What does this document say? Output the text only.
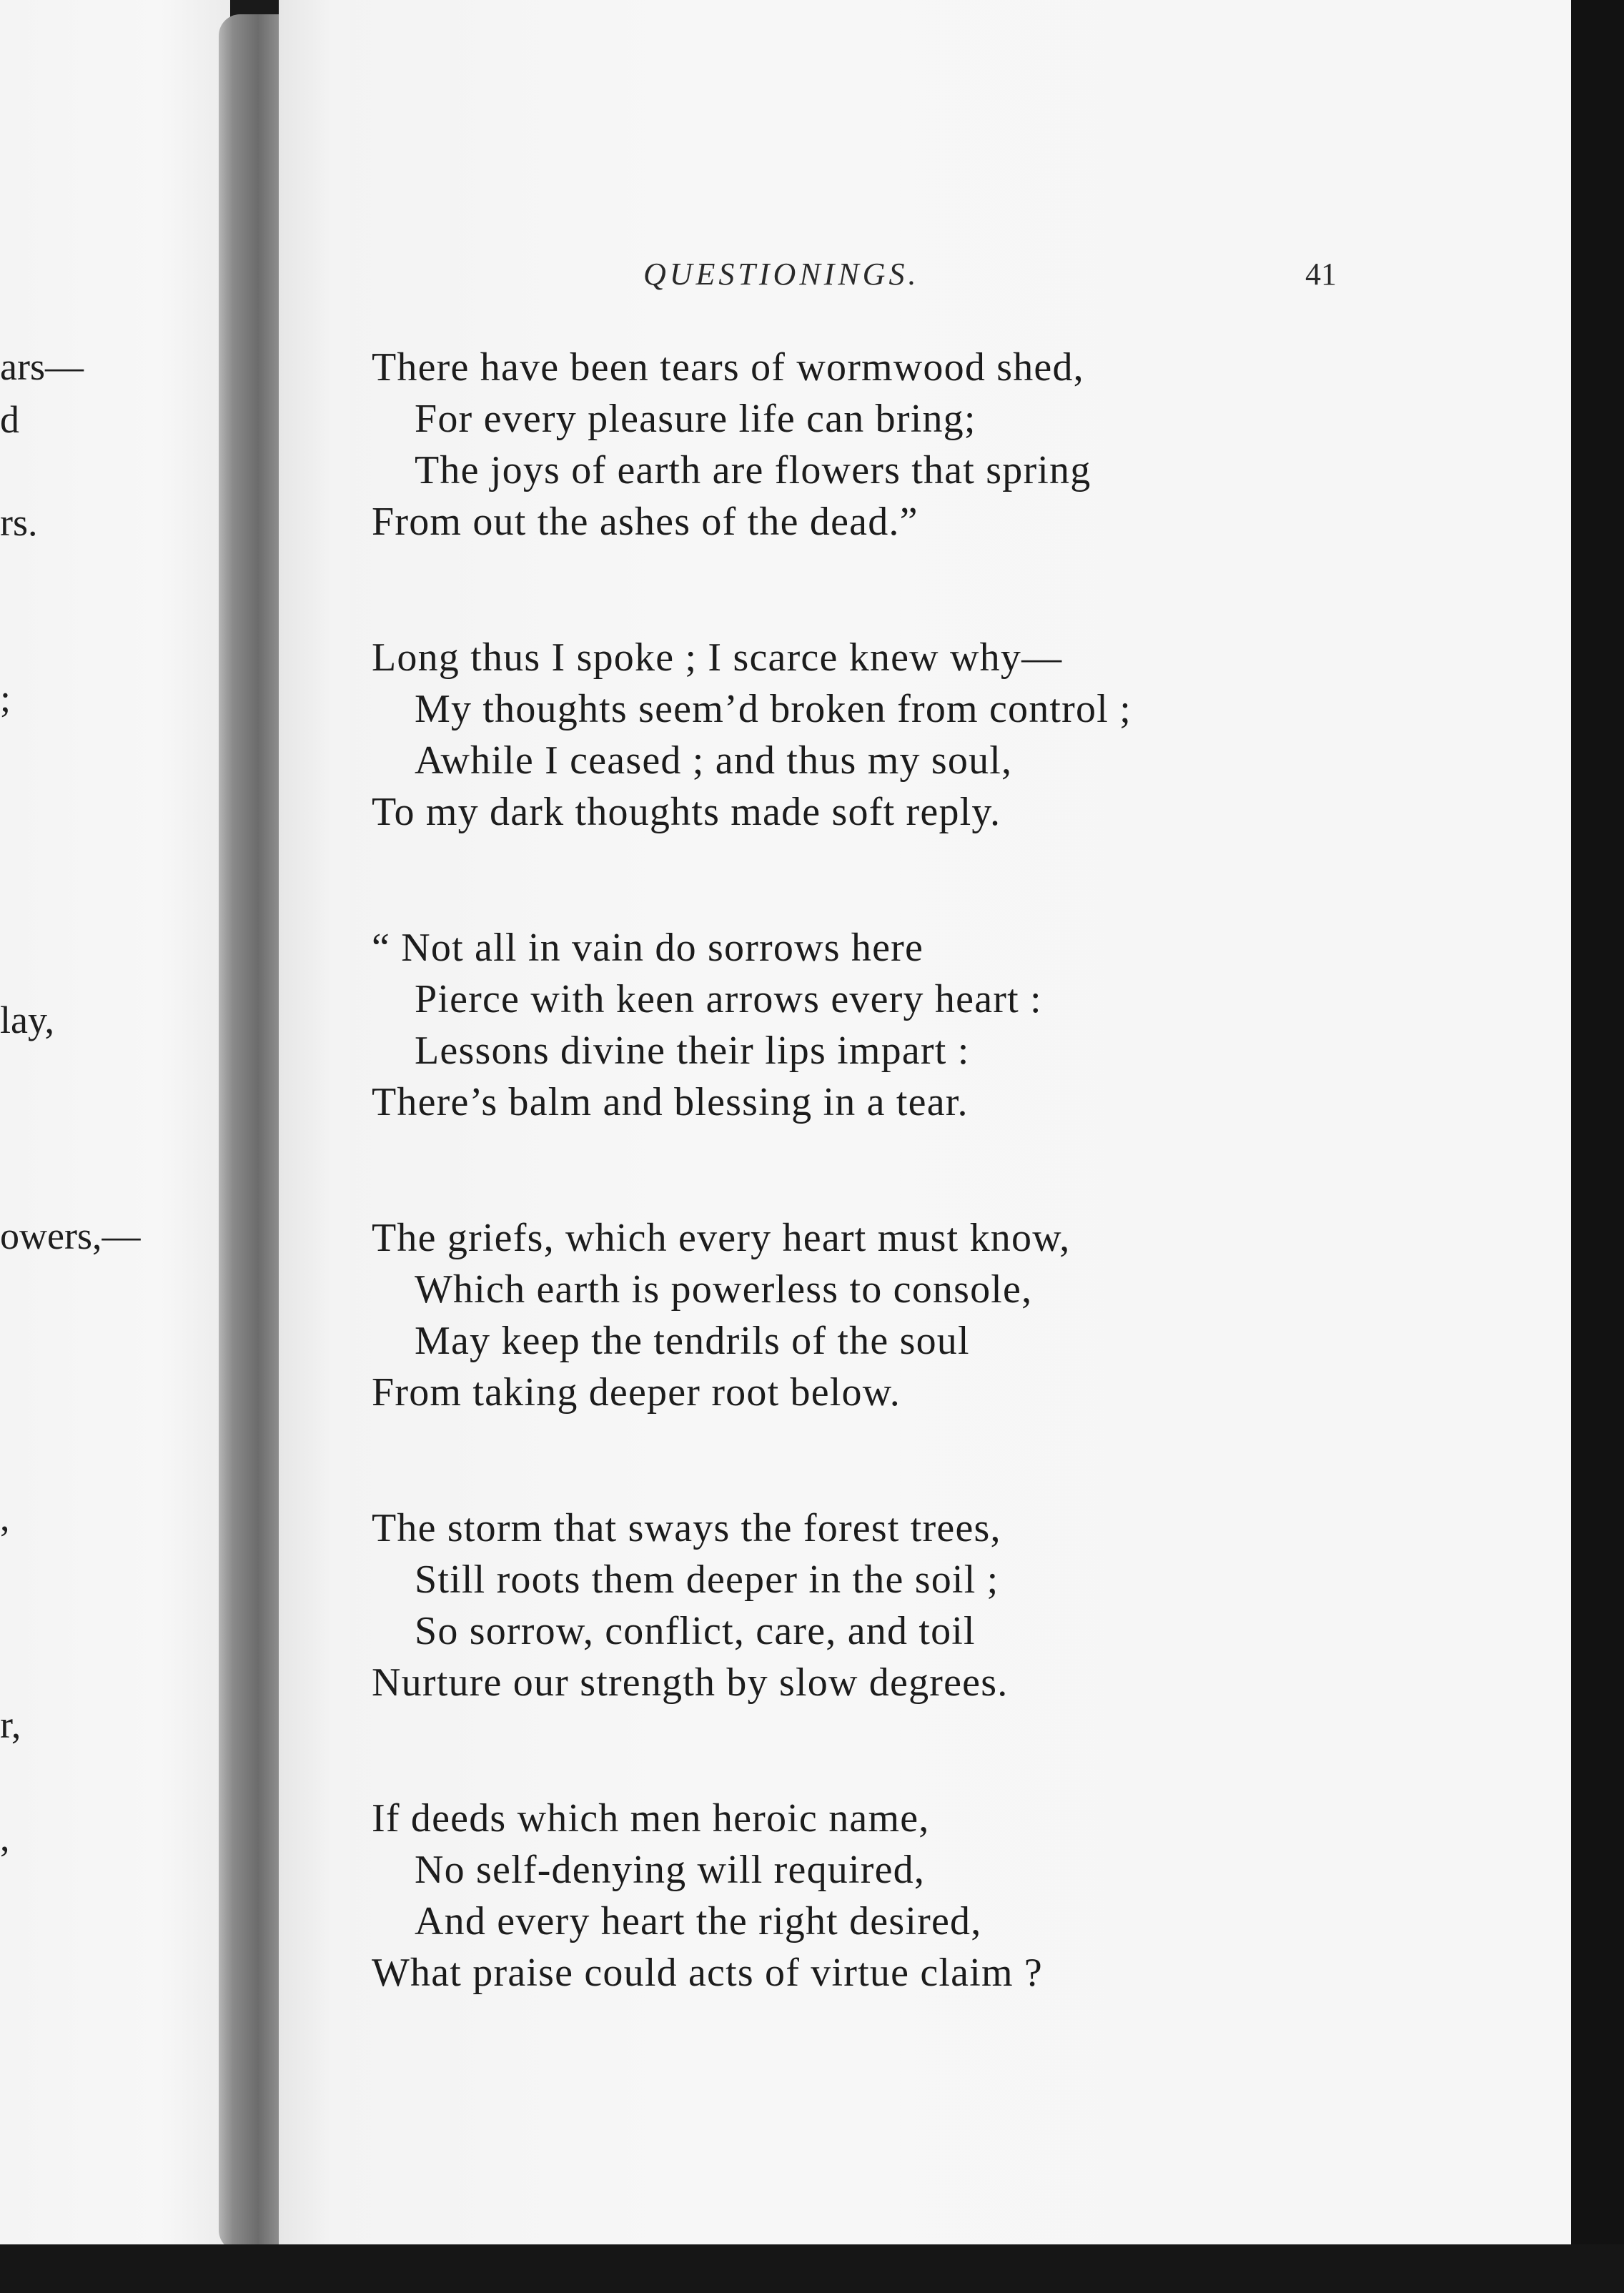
ars—
d
rs.
;
lay,
owers,—
,
r,
,
QUESTIONINGS.	41
There have been tears of wormwood shed,
For every pleasure life can bring;
The joys of earth are flowers that spring
From out the ashes of the dead.”
Long thus I spoke ; I scarce knew why—
My thoughts seem’d broken from control ;
Awhile I ceased ; and thus my soul,
To my dark thoughts made soft reply.
“ Not all in vain do sorrows here
Pierce with keen arrows every heart :
Lessons divine their lips impart :
There’s balm and blessing in a tear.
The griefs, which every heart must know,
Which earth is powerless to console,
May keep the tendrils of the soul
From taking deeper root below.
The storm that sways the forest trees,
Still roots them deeper in the soil ;
So sorrow, conflict, care, and toil
Nurture our strength by slow degrees.
If deeds which men heroic name,
No self-denying will required,
And every heart the right desired,
What praise could acts of virtue claim ?
